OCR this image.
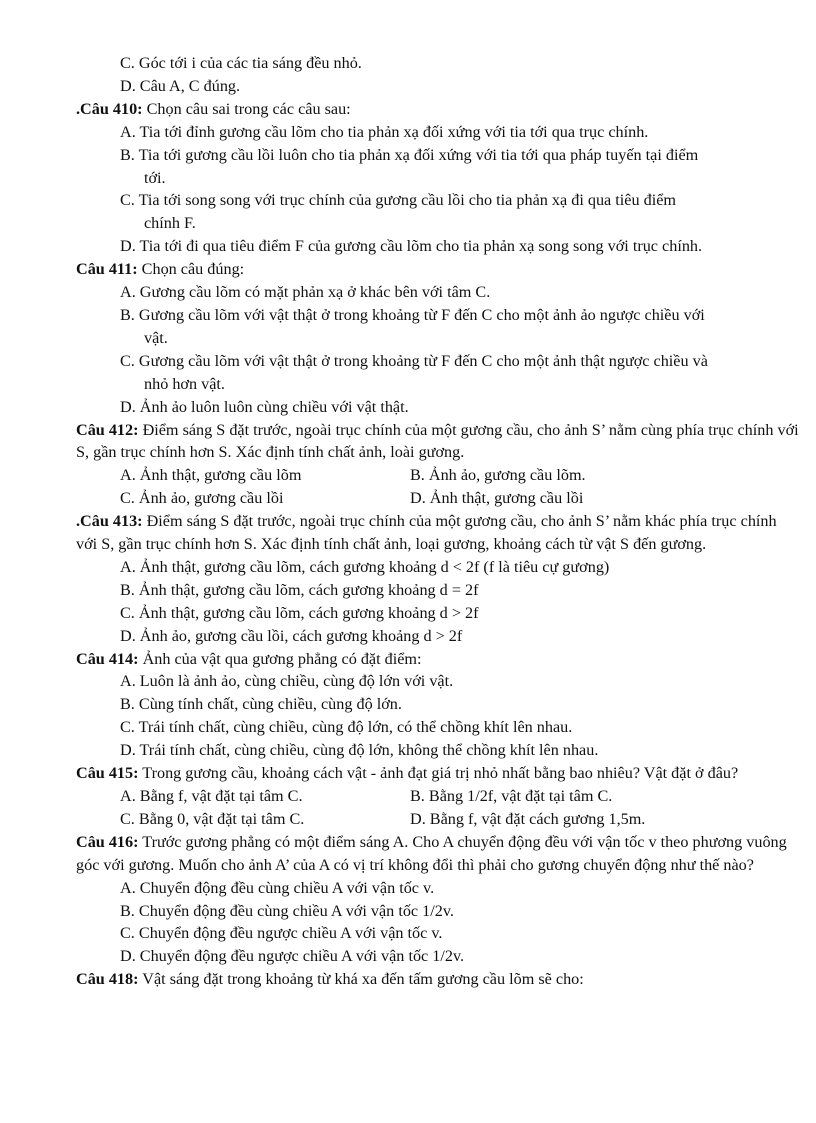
C. Góc tới i của các tia sáng đều nhỏ.
D. Câu A, C đúng.
.Câu 410: Chọn câu sai trong các câu sau:
A. Tia tới đỉnh gương cầu lõm cho tia phản xạ đối xứng với tia tới qua trục chính.
B. Tia tới gương cầu lồi luôn cho tia phản xạ đối xứng với tia tới qua pháp tuyến tại điểm
tới.
C. Tia tới song song với trục chính của gương cầu lồi cho tia phản xạ đi qua tiêu điểm
chính F.
D. Tia tới đi qua tiêu điểm F của gương cầu lõm cho tia phản xạ song song với trục chính.
Câu 411: Chọn câu đúng:
A. Gương cầu lõm có mặt phản xạ ở khác bên với tâm C.
B. Gương cầu lõm với vật thật ở trong khoảng từ F đến C cho một ảnh ảo ngược chiều với
vật.
C. Gương cầu lõm với vật thật ở trong khoảng từ F đến C cho một ảnh thật ngược chiều và
nhỏ hơn vật.
D. Ảnh ảo luôn luôn cùng chiều với vật thật.
Câu 412: Điểm sáng S đặt trước, ngoài trục chính của một gương cầu, cho ảnh S’ nằm cùng phía trục chính với S, gần trục chính hơn S. Xác định tính chất ảnh, loài gương.
A. Ảnh thật, gương cầu lõm	B. Ảnh ảo, gương cầu lõm.
C. Ảnh ảo, gương cầu lồi	D. Ảnh thật, gương cầu lồi
.Câu 413: Điểm sáng S đặt trước, ngoài trục chính của một gương cầu, cho ảnh S’ nằm khác phía trục chính với S, gần trục chính hơn S. Xác định tính chất ảnh, loại gương, khoảng cách từ vật S đến gương.
A. Ảnh thật, gương cầu lõm, cách gương khoảng d < 2f (f là tiêu cự gương)
B. Ảnh thật, gương cầu lõm, cách gương khoảng d = 2f
C. Ảnh thật, gương cầu lõm, cách gương khoảng d > 2f
D. Ảnh ảo, gương cầu lồi, cách gương khoảng d > 2f
Câu 414: Ảnh của vật qua gương phẳng có đặt điểm:
A. Luôn là ảnh ảo, cùng chiều, cùng độ lớn với vật.
B. Cùng tính chất, cùng chiều, cùng độ lớn.
C. Trái tính chất, cùng chiều, cùng độ lớn, có thể chồng khít lên nhau.
D. Trái tính chất, cùng chiều, cùng độ lớn, không thể chồng khít lên nhau.
Câu 415: Trong gương cầu, khoảng cách vật - ảnh đạt giá trị nhỏ nhất bằng bao nhiêu? Vật đặt ở đâu?
A. Bằng f, vật đặt tại tâm C.	B. Bằng 1/2f, vật đặt tại tâm C.
C. Bằng 0, vật đặt tại tâm C.	D. Bằng f, vật đặt cách gương 1,5m.
Câu 416: Trước gương phẳng có một điểm sáng A. Cho A chuyển động đều với vận tốc v theo phương vuông góc với gương. Muốn cho ảnh A’ của A có vị trí không đổi thì phải cho gương chuyển động như thế nào?
A. Chuyển động đều cùng chiều A với vận tốc v.
B. Chuyển động đều cùng chiều A với vận tốc 1/2v.
C. Chuyển động đều ngược chiều A với vận tốc v.
D. Chuyển động đều ngược chiều A với vận tốc 1/2v.
Câu 418: Vật sáng đặt trong khoảng từ khá xa đến tấm gương cầu lõm sẽ cho:
